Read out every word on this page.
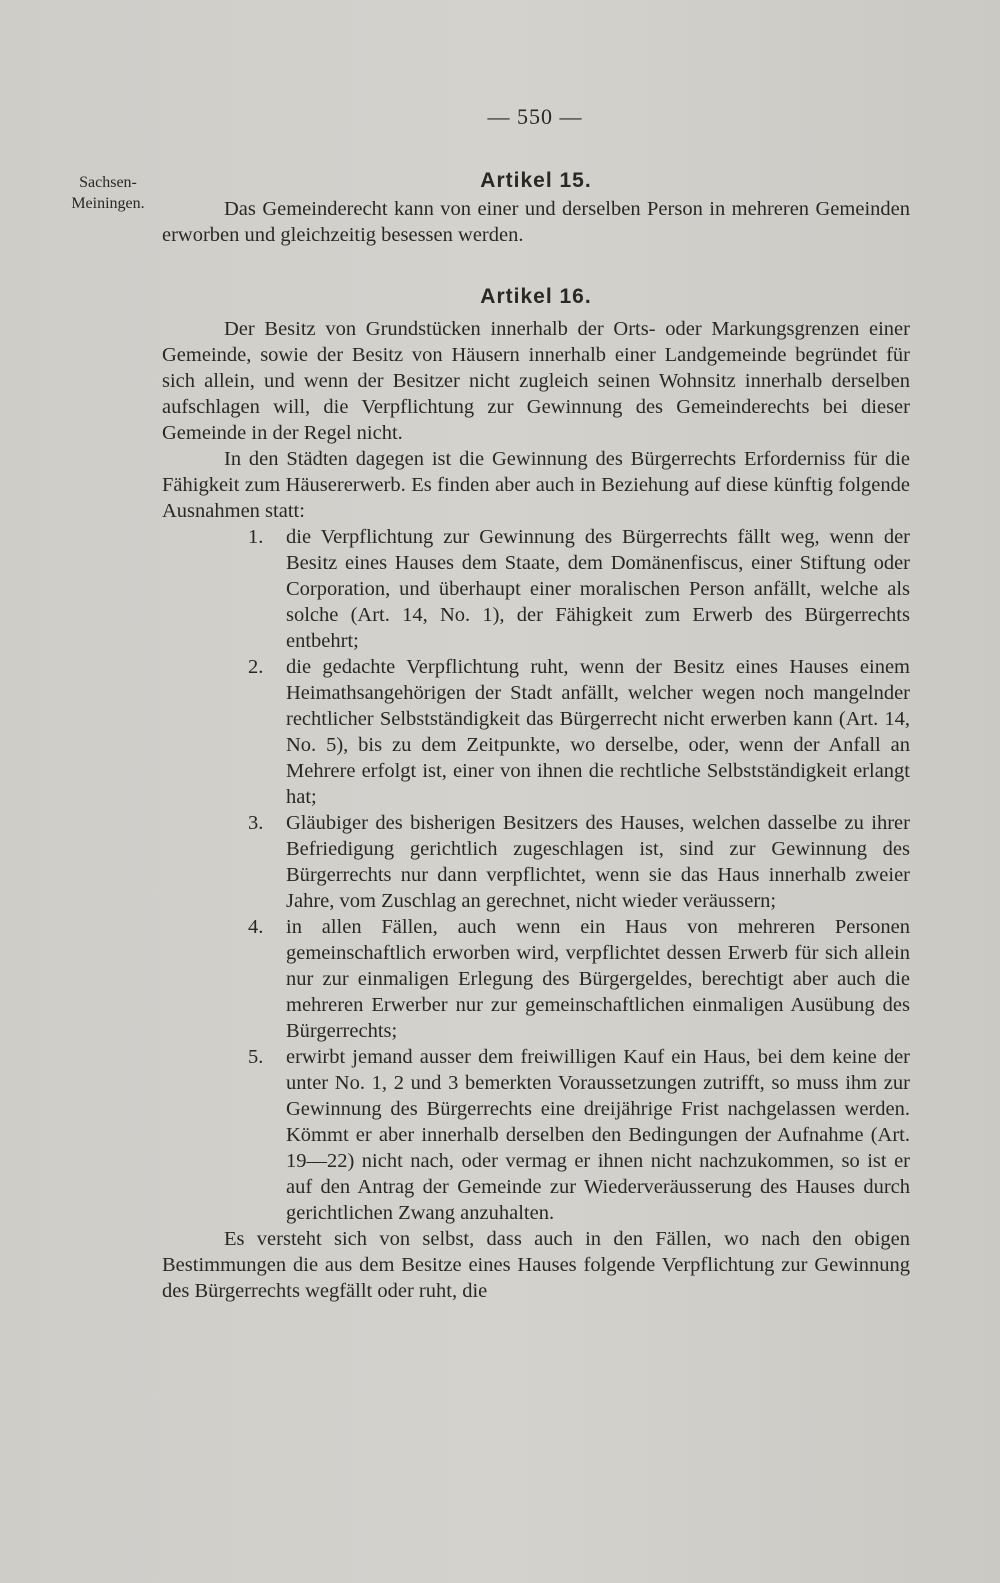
— 550 —
Sachsen-Meiningen.
Artikel 15.

Das Gemeinderecht kann von einer und derselben Person in mehreren Gemeinden erworben und gleichzeitig besessen werden.

Artikel 16.

Der Besitz von Grundstücken innerhalb der Orts- oder Markungsgrenzen einer Gemeinde, sowie der Besitz von Häusern innerhalb einer Landgemeinde begründet für sich allein, und wenn der Besitzer nicht zugleich seinen Wohnsitz innerhalb derselben aufschlagen will, die Verpflichtung zur Gewinnung des Gemeinderechts bei dieser Gemeinde in der Regel nicht.

In den Städten dagegen ist die Gewinnung des Bürgerrechts Erforderniss für die Fähigkeit zum Häusererwerb. Es finden aber auch in Beziehung auf diese künftig folgende Ausnahmen statt:

1. die Verpflichtung zur Gewinnung des Bürgerrechts fällt weg, wenn der Besitz eines Hauses dem Staate, dem Domänenfiscus, einer Stiftung oder Corporation, und überhaupt einer moralischen Person anfällt, welche als solche (Art. 14, No. 1), der Fähigkeit zum Erwerb des Bürgerrechts entbehrt;
2. die gedachte Verpflichtung ruht, wenn der Besitz eines Hauses einem Heimathsangehörigen der Stadt anfällt, welcher wegen noch mangelnder rechtlicher Selbstständigkeit das Bürgerrecht nicht erwerben kann (Art. 14, No. 5), bis zu dem Zeitpunkte, wo derselbe, oder, wenn der Anfall an Mehrere erfolgt ist, einer von ihnen die rechtliche Selbstständigkeit erlangt hat;
3. Gläubiger des bisherigen Besitzers des Hauses, welchen dasselbe zu ihrer Befriedigung gerichtlich zugeschlagen ist, sind zur Gewinnung des Bürgerrechts nur dann verpflichtet, wenn sie das Haus innerhalb zweier Jahre, vom Zuschlag an gerechnet, nicht wieder veräussern;
4. in allen Fällen, auch wenn ein Haus von mehreren Personen gemeinschaftlich erworben wird, verpflichtet dessen Erwerb für sich allein nur zur einmaligen Erlegung des Bürgergeldes, berechtigt aber auch die mehreren Erwerber nur zur gemeinschaftlichen einmaligen Ausübung des Bürgerrechts;
5. erwirbt jemand ausser dem freiwilligen Kauf ein Haus, bei dem keine der unter No. 1, 2 und 3 bemerkten Voraussetzungen zutrifft, so muss ihm zur Gewinnung des Bürgerrechts eine dreijährige Frist nachgelassen werden. Kömmt er aber innerhalb derselben den Bedingungen der Aufnahme (Art. 19—22) nicht nach, oder vermag er ihnen nicht nachzukommen, so ist er auf den Antrag der Gemeinde zur Wiederveräusserung des Hauses durch gerichtlichen Zwang anzuhalten.

Es versteht sich von selbst, dass auch in den Fällen, wo nach den obigen Bestimmungen die aus dem Besitze eines Hauses folgende Verpflichtung zur Gewinnung des Bürgerrechts wegfällt oder ruht, die
